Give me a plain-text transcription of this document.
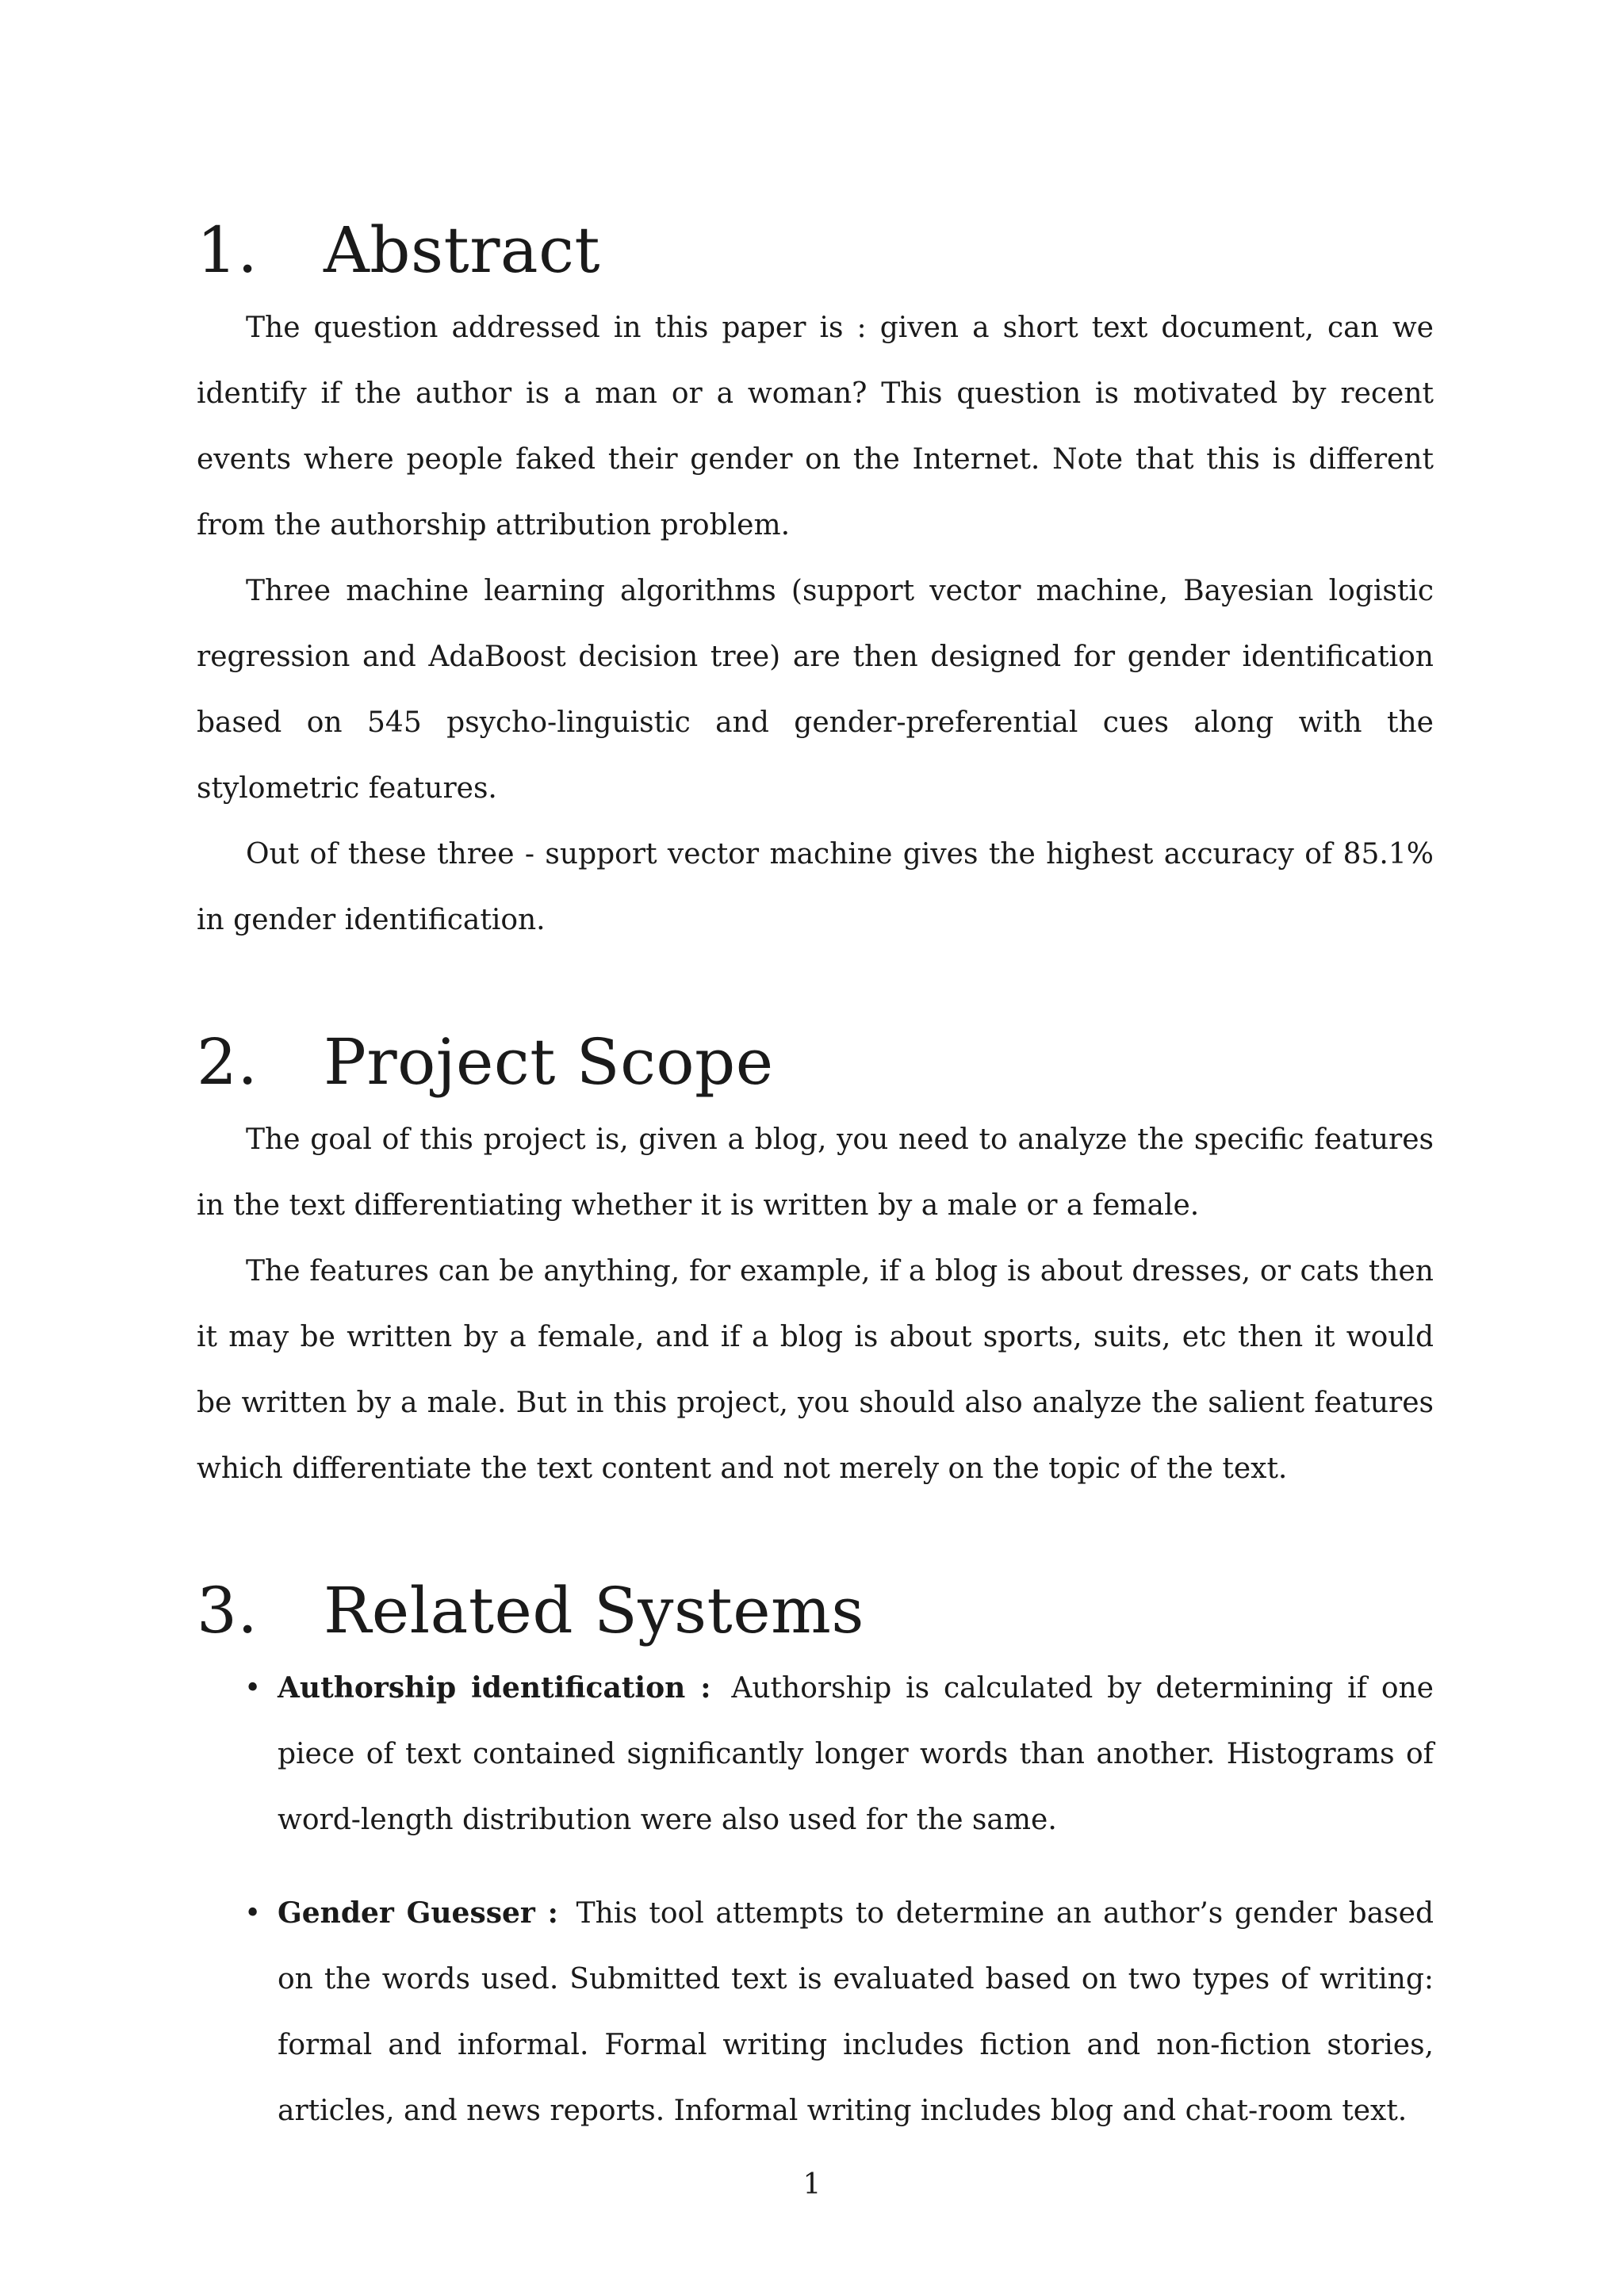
1.	Abstract

The question addressed in this paper is : given a short text document, can we identify if the author is a man or a woman? This question is motivated by recent events where people faked their gender on the Internet. Note that this is different from the authorship attribution problem.

Three machine learning algorithms (support vector machine, Bayesian logistic regression and AdaBoost decision tree) are then designed for gender identification based on 545 psycho-linguistic and gender-preferential cues along with the stylometric features.

Out of these three - support vector machine gives the highest accuracy of 85.1% in gender identification.

2.	Project Scope

The goal of this project is, given a blog, you need to analyze the specific features in the text differentiating whether it is written by a male or a female.

The features can be anything, for example, if a blog is about dresses, or cats then it may be written by a female, and if a blog is about sports, suits, etc then it would be written by a male. But in this project, you should also analyze the salient features which differentiate the text content and not merely on the topic of the text.

3.	Related Systems
• Authorship identification : Authorship is calculated by determining if one piece of text contained significantly longer words than another. Histograms of word-length distribution were also used for the same.
• Gender Guesser : This tool attempts to determine an author’s gender based on the words used. Submitted text is evaluated based on two types of writing: formal and informal. Formal writing includes fiction and non-fiction stories, articles, and news reports. Informal writing includes blog and chat-room text.
1
